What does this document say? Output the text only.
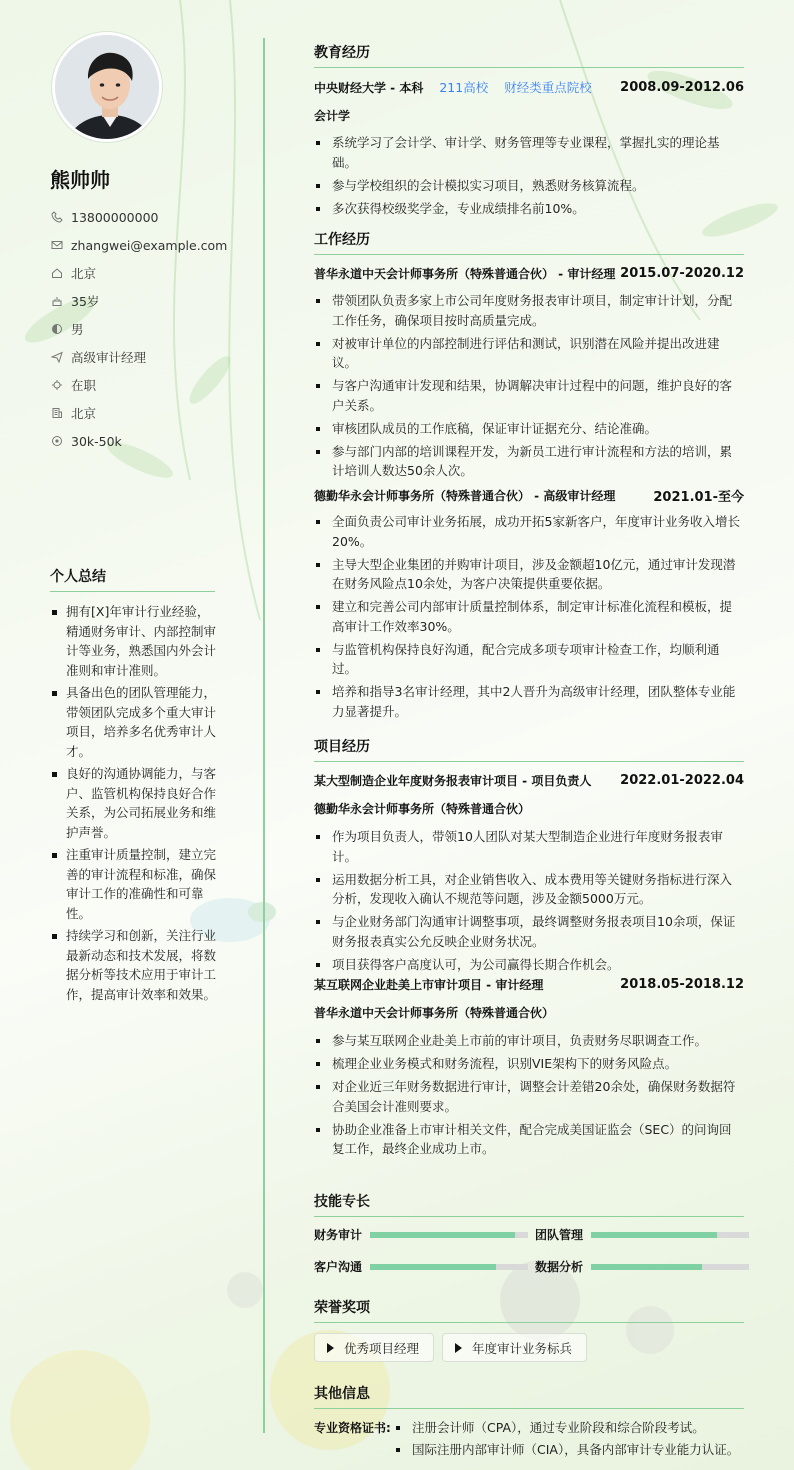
熊帅帅
13800000000
zhangwei@example.com
北京
35岁
男
高级审计经理
在职
北京
30k-50k
个人总结
拥有[X]年审计行业经验，精通财务审计、内部控制审计等业务，熟悉国内外会计准则和审计准则。
具备出色的团队管理能力，带领团队完成多个重大审计项目，培养多名优秀审计人才。
良好的沟通协调能力，与客户、监管机构保持良好合作关系，为公司拓展业务和维护声誉。
注重审计质量控制，建立完善的审计流程和标准，确保审计工作的准确性和可靠性。
持续学习和创新，关注行业最新动态和技术发展，将数据分析等技术应用于审计工作，提高审计效率和效果。
教育经历
中央财经大学 - 本科 211高校 财经类重点院校 2008.09-2012.06
会计学
系统学习了会计学、审计学、财务管理等专业课程，掌握扎实的理论基础。
参与学校组织的会计模拟实习项目，熟悉财务核算流程。
多次获得校级奖学金，专业成绩排名前10%。
工作经历
普华永道中天会计师事务所（特殊普通合伙） - 审计经理 2015.07-2020.12
带领团队负责多家上市公司年度财务报表审计项目，制定审计计划，分配工作任务，确保项目按时高质量完成。
对被审计单位的内部控制进行评估和测试，识别潜在风险并提出改进建议。
与客户沟通审计发现和结果，协调解决审计过程中的问题，维护良好的客户关系。
审核团队成员的工作底稿，保证审计证据充分、结论准确。
参与部门内部的培训课程开发，为新员工进行审计流程和方法的培训，累计培训人数达50余人次。
德勤华永会计师事务所（特殊普通合伙） - 高级审计经理	2021.01-至今
全面负责公司审计业务拓展，成功开拓5家新客户，年度审计业务收入增长20%。
主导大型企业集团的并购审计项目，涉及金额超10亿元，通过审计发现潜在财务风险点10余处，为客户决策提供重要依据。
建立和完善公司内部审计质量控制体系，制定审计标准化流程和模板，提高审计工作效率30%。
与监管机构保持良好沟通，配合完成多项专项审计检查工作，均顺利通过。
培养和指导3名审计经理，其中2人晋升为高级审计经理，团队整体专业能力显著提升。
项目经历
某大型制造企业年度财务报表审计项目 - 项目负责人 2022.01-2022.04
德勤华永会计师事务所（特殊普通合伙）
作为项目负责人，带领10人团队对某大型制造企业进行年度财务报表审计。
运用数据分析工具，对企业销售收入、成本费用等关键财务指标进行深入分析，发现收入确认不规范等问题，涉及金额5000万元。
与企业财务部门沟通审计调整事项，最终调整财务报表项目10余项，保证财务报表真实公允反映企业财务状况。
项目获得客户高度认可，为公司赢得长期合作机会。
某互联网企业赴美上市审计项目 - 审计经理	2018.05-2018.12
普华永道中天会计师事务所（特殊普通合伙）
参与某互联网企业赴美上市前的审计项目，负责财务尽职调查工作。
梳理企业业务模式和财务流程，识别VIE架构下的财务风险点。
对企业近三年财务数据进行审计，调整会计差错20余处，确保财务数据符合美国会计准则要求。
协助企业准备上市审计相关文件，配合完成美国证监会（SEC）的问询回复工作，最终企业成功上市。
技能专长
财务审计	团队管理
客户沟通	数据分析
荣誉奖项
优秀项目经理	年度审计业务标兵
其他信息
专业资格证书:	注册会计师（CPA），通过专业阶段和综合阶段考试。
国际注册内部审计师（CIA），具备内部审计专业能力认证。
